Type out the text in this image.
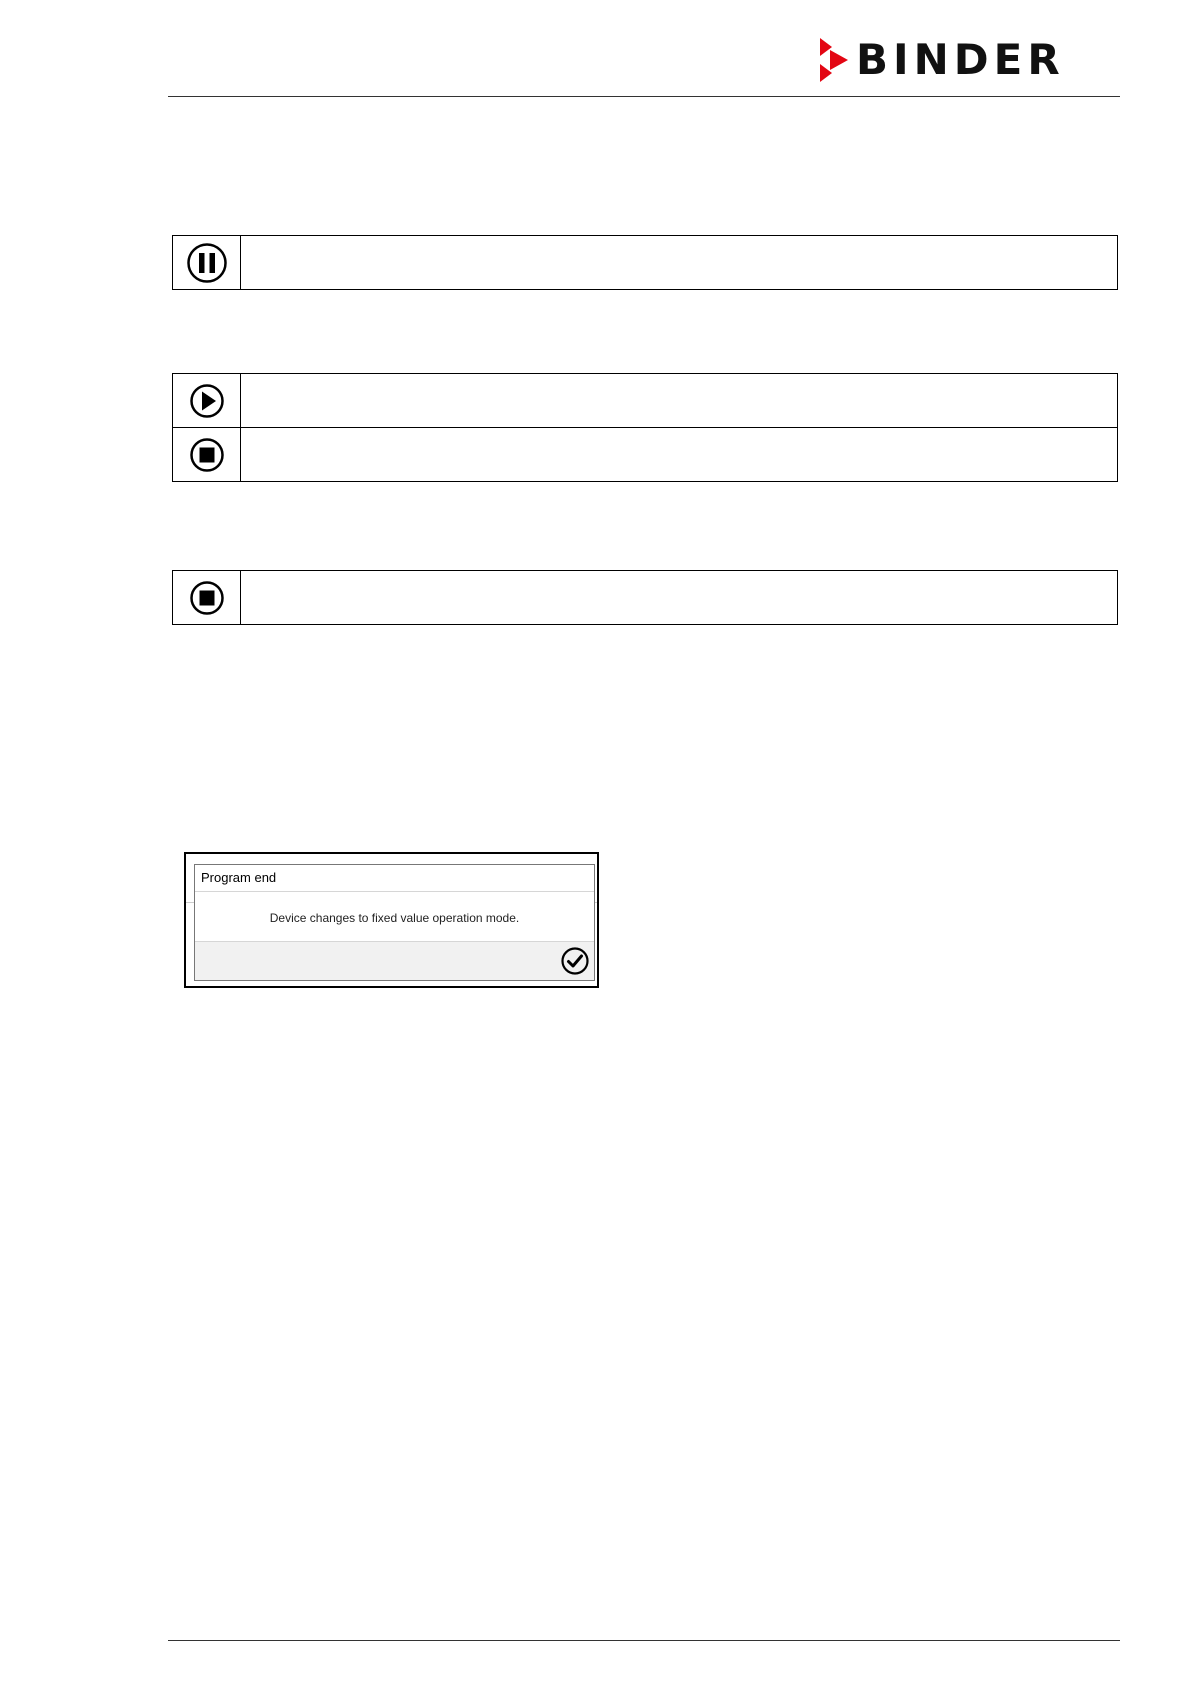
BINDER

Program end
Device changes to fixed value operation mode.
